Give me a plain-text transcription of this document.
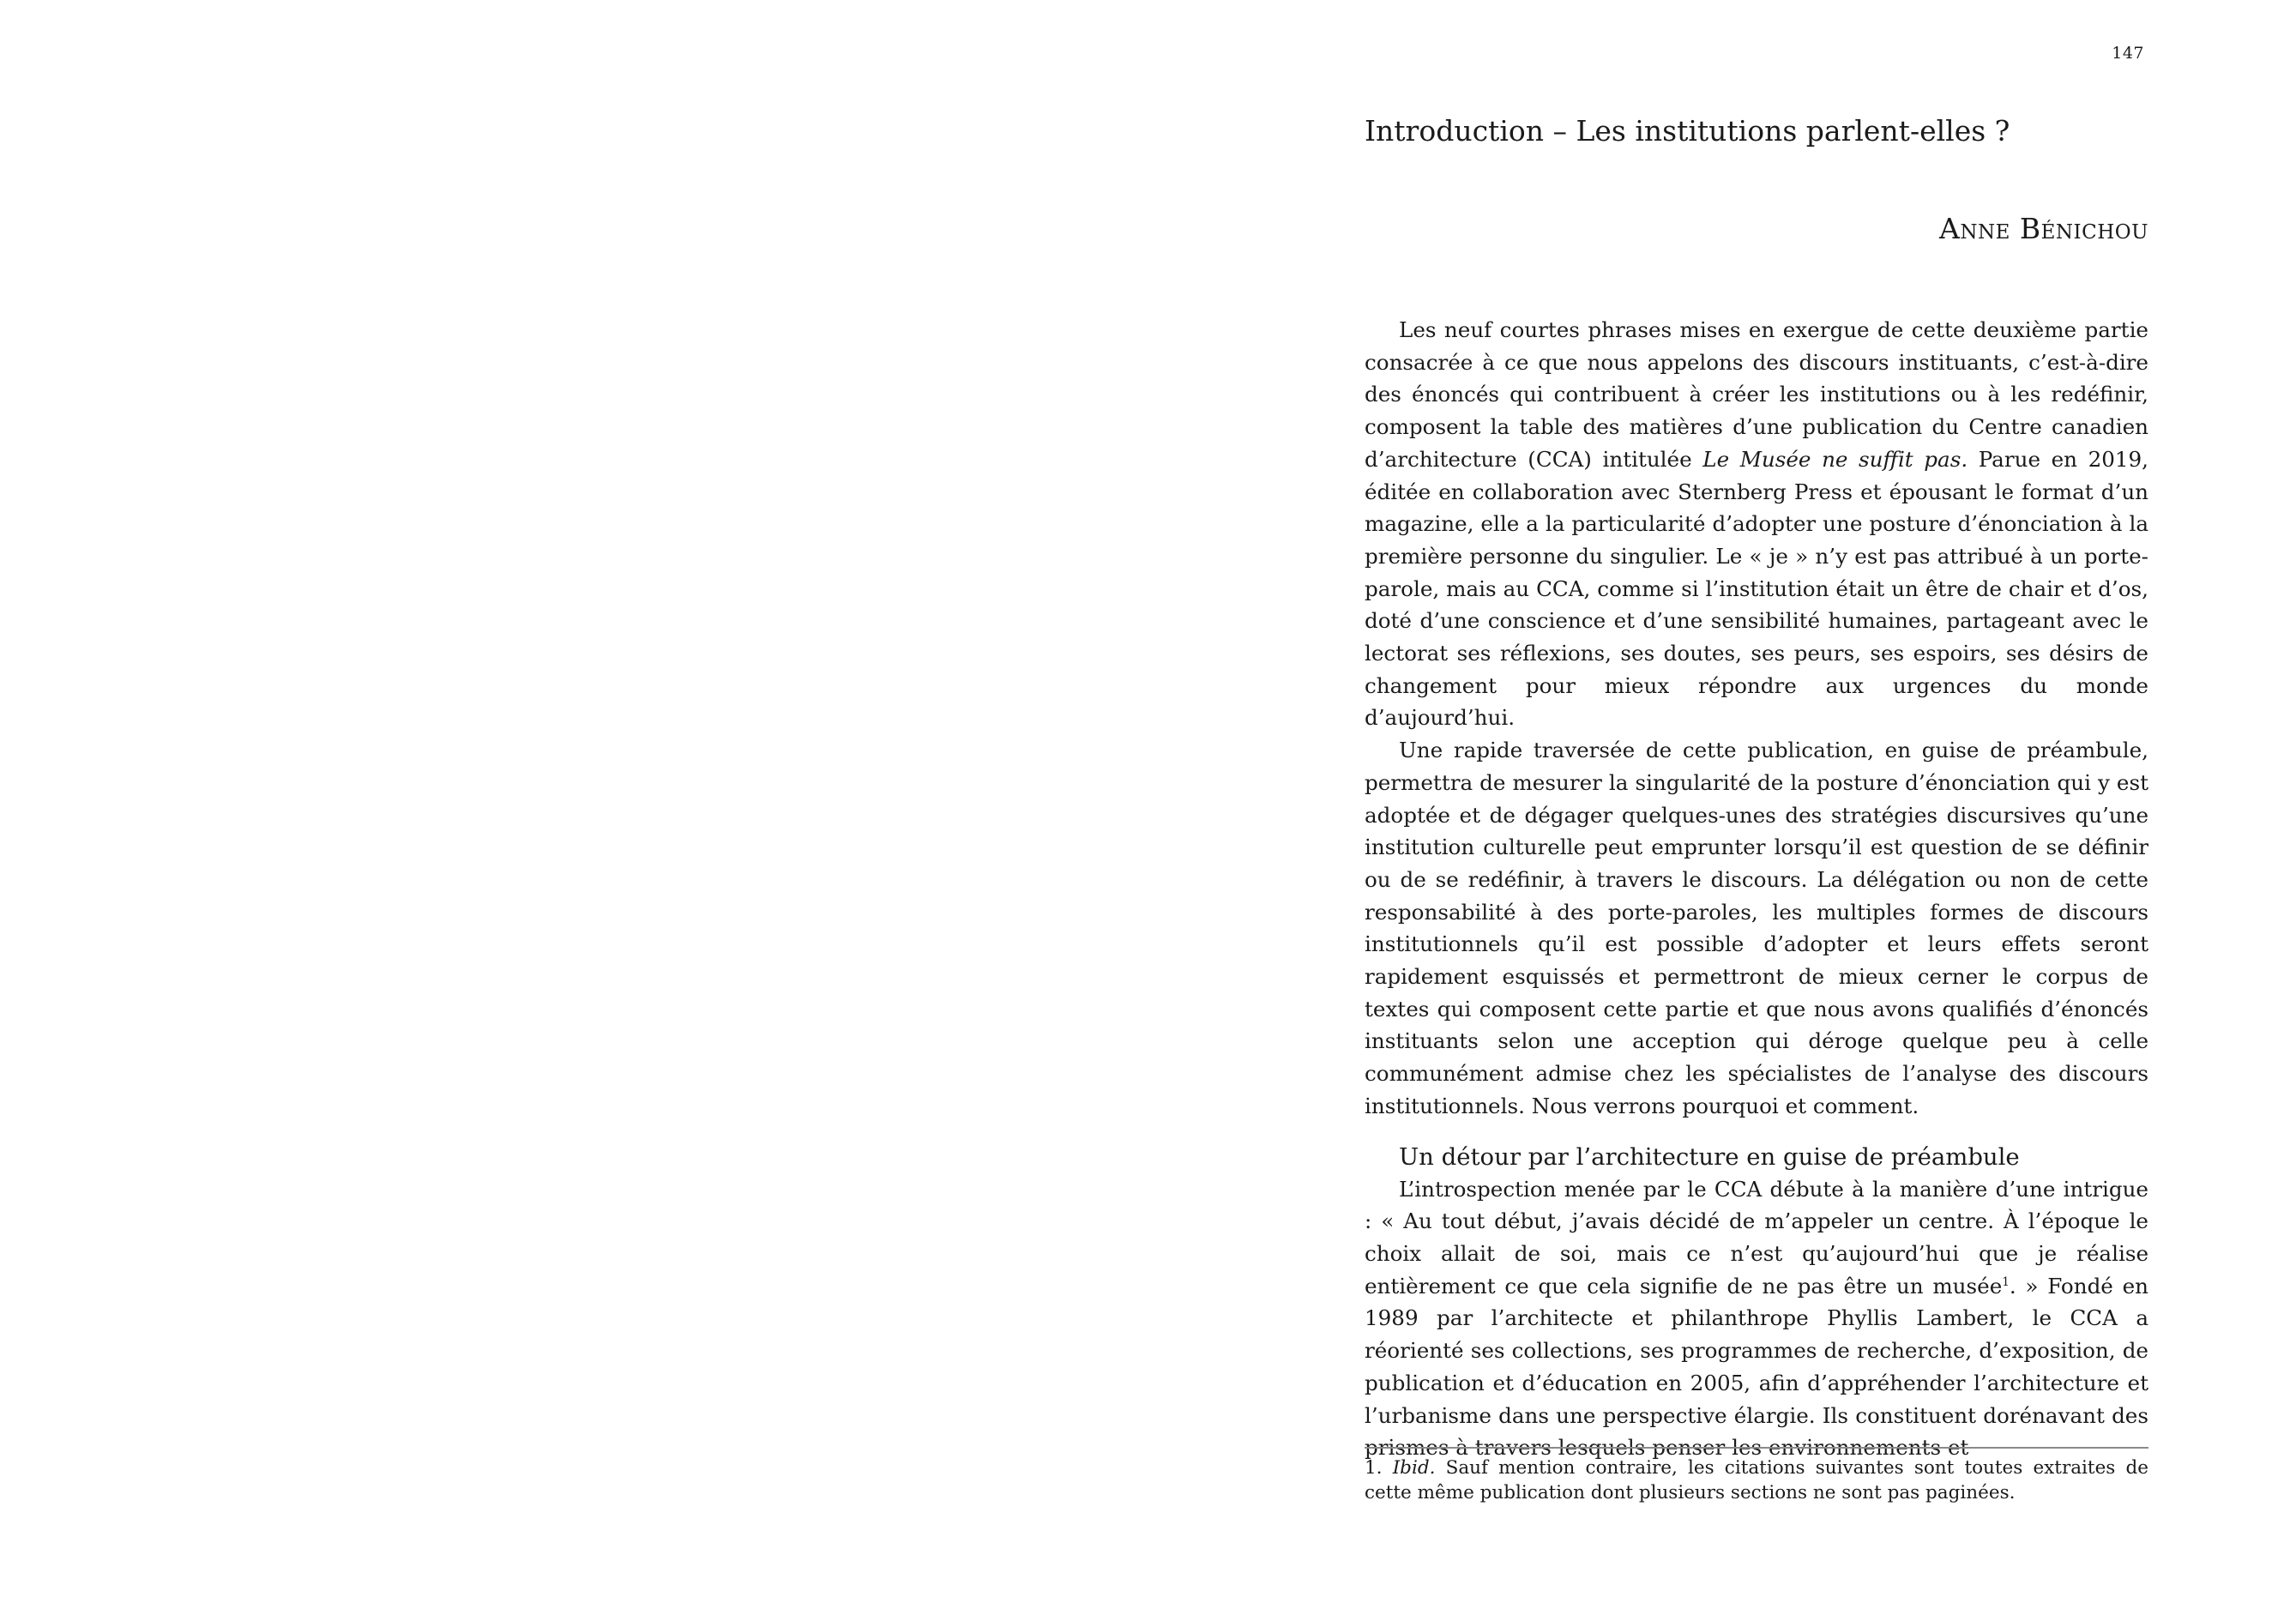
147
Introduction – Les institutions parlent-elles ?
Anne Bénichou

Les neuf courtes phrases mises en exergue de cette deuxième partie consacrée à ce que nous appelons des discours instituants, c’est-à-dire des énoncés qui contribuent à créer les institutions ou à les redéfinir, composent la table des matières d’une publication du Centre canadien d’architecture (CCA) intitulée Le Musée ne suffit pas. Parue en 2019, éditée en collaboration avec Sternberg Press et épousant le format d’un magazine, elle a la particularité d’adopter une posture d’énonciation à la première personne du singulier. Le « je » n’y est pas attribué à un porte-parole, mais au CCA, comme si l’institution était un être de chair et d’os, doté d’une conscience et d’une sensibilité humaines, partageant avec le lectorat ses réflexions, ses doutes, ses peurs, ses espoirs, ses désirs de changement pour mieux répondre aux urgences du monde d’aujourd’hui.

Une rapide traversée de cette publication, en guise de préambule, permettra de mesurer la singularité de la posture d’énonciation qui y est adoptée et de dégager quelques-unes des stratégies discursives qu’une institution culturelle peut emprunter lorsqu’il est question de se définir ou de se redéfinir, à travers le discours. La délégation ou non de cette responsabilité à des porte-paroles, les multiples formes de discours institutionnels qu’il est possible d’adopter et leurs effets seront rapidement esquissés et permettront de mieux cerner le corpus de textes qui composent cette partie et que nous avons qualifiés d’énoncés instituants selon une acception qui déroge quelque peu à celle communément admise chez les spécialistes de l’analyse des discours institutionnels. Nous verrons pourquoi et comment.

Un détour par l’architecture en guise de préambule

L’introspection menée par le CCA débute à la manière d’une intrigue : « Au tout début, j’avais décidé de m’appeler un centre. À l’époque le choix allait de soi, mais ce n’est qu’aujourd’hui que je réalise entièrement ce que cela signifie de ne pas être un musée$^1$. » Fondé en 1989 par l’architecte et philanthrope Phyllis Lambert, le CCA a réorienté ses collections, ses programmes de recherche, d’exposition, de publication et d’éducation en 2005, afin d’appréhender l’architecture et l’urbanisme dans une perspective élargie. Ils constituent dorénavant des prismes à travers lesquels penser les environnements et

1. Ibid. Sauf mention contraire, les citations suivantes sont toutes extraites de cette même publication dont plusieurs sections ne sont pas paginées.
